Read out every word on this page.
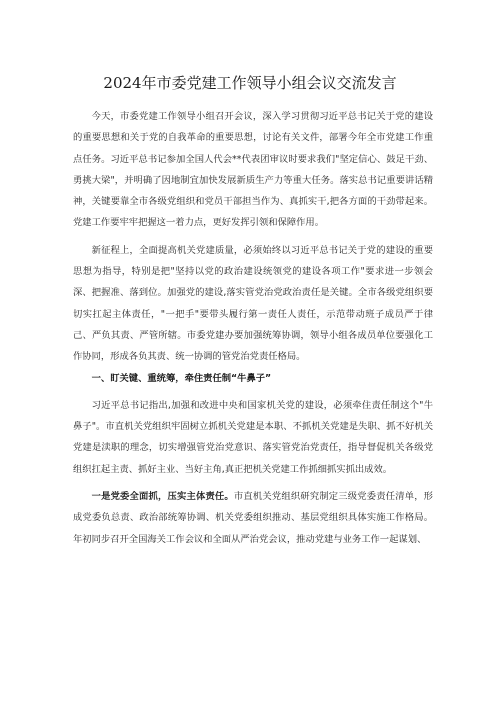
2024年市委党建工作领导小组会议交流发言

今天，市委党建工作领导小组召开会议，深入学习贯彻习近平总书记关于党的建设的重要思想和关于党的自我革命的重要思想，讨论有关文件，部署今年全市党建工作重点任务。习近平总书记参加全国人代会**代表团审议时要求我们"坚定信心、鼓足干劲、勇挑大梁"，并明确了因地制宜加快发展新质生产力等重大任务。落实总书记重要讲话精神，关键要靠全市各级党组织和党员干部担当作为、真抓实干,把各方面的干劲带起来。党建工作要牢牢把握这一着力点，更好发挥引领和保障作用。

新征程上，全面提高机关党建质量，必须始终以习近平总书记关于党的建设的重要思想为指导，特别是把"坚持以党的政治建设统领党的建设各项工作"要求进一步领会深、把握准、落到位。加强党的建设,落实管党治党政治责任是关键。全市各级党组织要切实扛起主体责任，"一把手"要带头履行第一责任人责任，示范带动班子成员严于律己、严负其责、严管所辖。市委党建办要加强统筹协调，领导小组各成员单位要强化工作协同，形成各负其责、统一协调的管党治党责任格局。

一、盯关键、重统筹，牵住责任制“牛鼻子”

习近平总书记指出,加强和改进中央和国家机关党的建设，必须牵住责任制这个"牛鼻子"。市直机关党组织牢固树立抓机关党建是本职、不抓机关党建是失职、抓不好机关党建是渎职的理念，切实增强管党治党意识、落实管党治党责任，指导督促机关各级党组织扛起主责、抓好主业、当好主角,真正把机关党建工作抓细抓实抓出成效。

一是党委全面抓，压实主体责任。市直机关党组织研究制定三级党委责任清单，形成党委负总责、政治部统筹协调、机关党委组织推动、基层党组织具体实施工作格局。年初同步召开全国海关工作会议和全面从严治党会议，推动党建与业务工作一起谋划、
